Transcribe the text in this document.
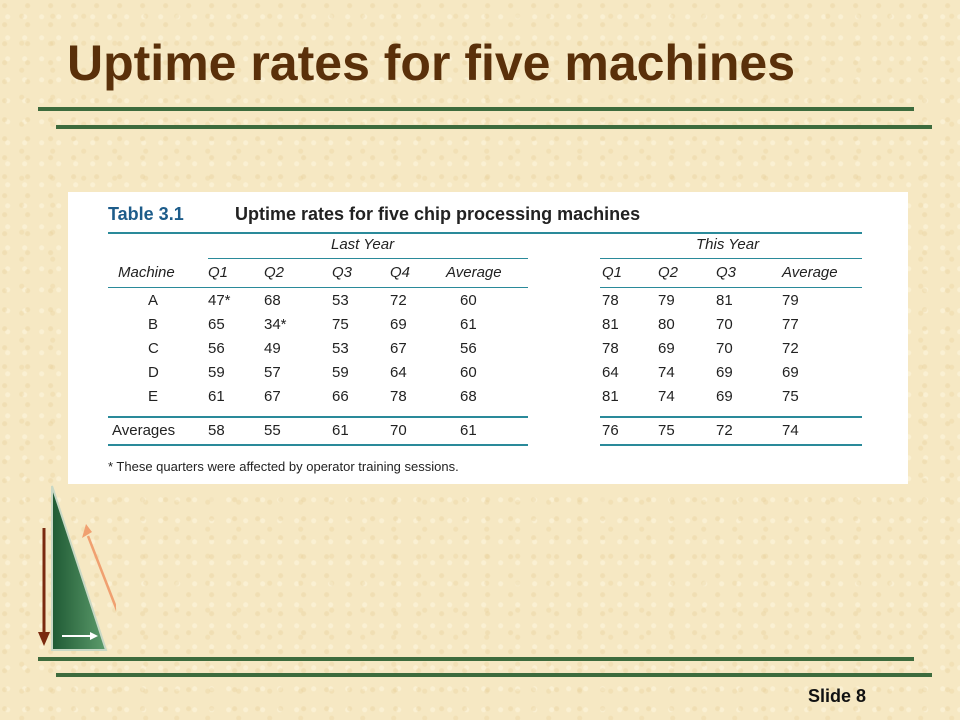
Uptime rates for five machines
Table 3.1	Uptime rates for five chip processing machines
Last Year	This Year
Machine Q1 Q2	Q3	Q4 Average	Q1 Q2	Q3	Average
A	47* 68	53	72	60	78	79	81	79
B	65	34*	75	69	61	81	80	70	77
C	56	49	53	67	56	78	69	70	72
D	59	57	59	64	60	64	74	69	69
E	61	67	66	78	68	81	74	69	75
Averages 58	55	61	70	61	76	75	72	74
* These quarters were affected by operator training sessions.
Slide 8
